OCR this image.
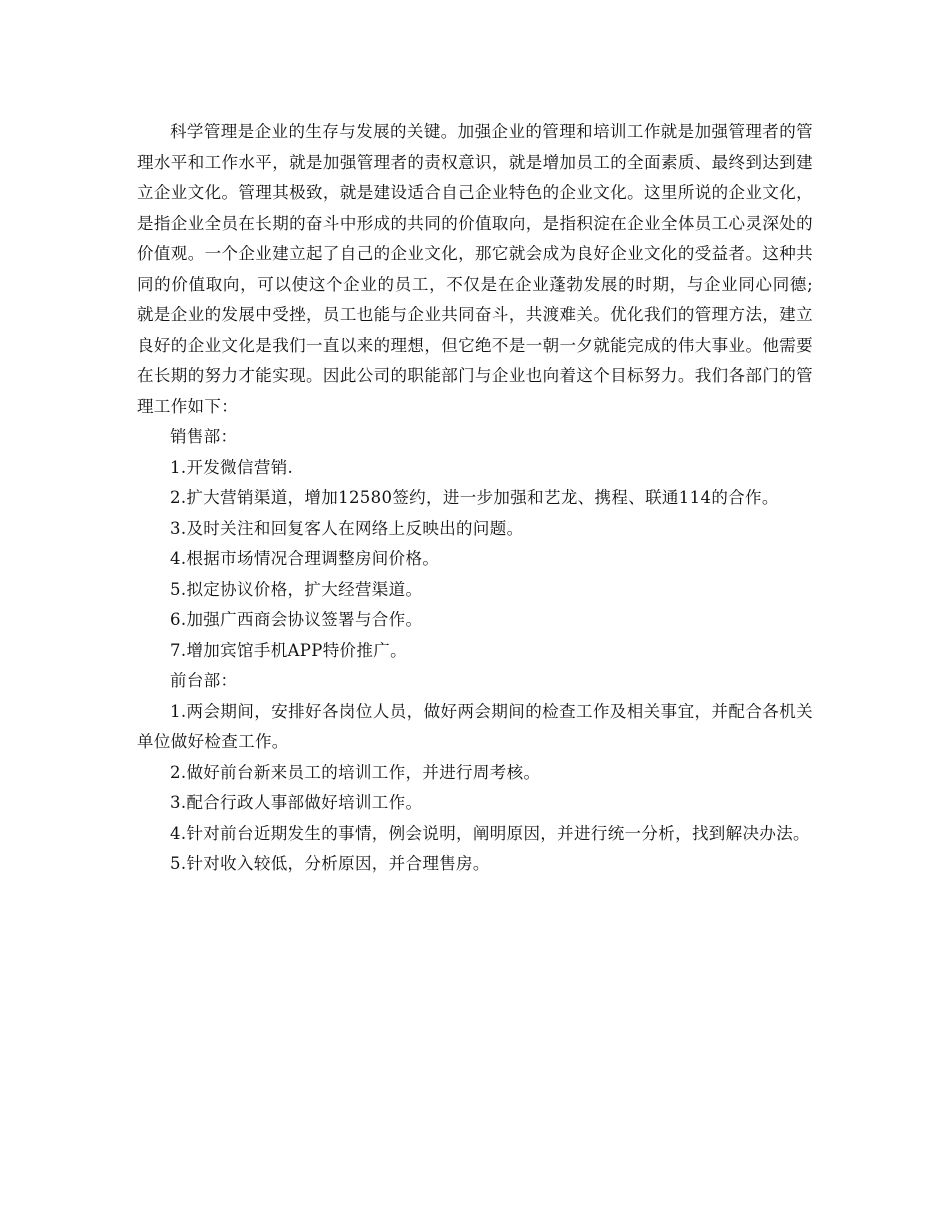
科学管理是企业的生存与发展的关键。加强企业的管理和培训工作就是加强管理者的管理水平和工作水平，就是加强管理者的责权意识，就是增加员工的全面素质、最终到达到建立企业文化。管理其极致，就是建设适合自己企业特色的企业文化。这里所说的企业文化，是指企业全员在长期的奋斗中形成的共同的价值取向，是指积淀在企业全体员工心灵深处的价值观。一个企业建立起了自己的企业文化，那它就会成为良好企业文化的受益者。这种共同的价值取向，可以使这个企业的员工，不仅是在企业蓬勃发展的时期，与企业同心同德;就是企业的发展中受挫，员工也能与企业共同奋斗，共渡难关。优化我们的管理方法，建立良好的企业文化是我们一直以来的理想，但它绝不是一朝一夕就能完成的伟大事业。他需要在长期的努力才能实现。因此公司的职能部门与企业也向着这个目标努力。我们各部门的管理工作如下：

销售部：

1.开发微信营销.

2.扩大营销渠道，增加12580签约，进一步加强和艺龙、携程、联通114的合作。

3.及时关注和回复客人在网络上反映出的问题。

4.根据市场情况合理调整房间价格。

5.拟定协议价格，扩大经营渠道。

6.加强广西商会协议签署与合作。

7.增加宾馆手机APP特价推广。

前台部：

1.两会期间，安排好各岗位人员，做好两会期间的检查工作及相关事宜，并配合各机关单位做好检查工作。

2.做好前台新来员工的培训工作，并进行周考核。

3.配合行政人事部做好培训工作。

4.针对前台近期发生的事情，例会说明，阐明原因，并进行统一分析，找到解决办法。

5.针对收入较低，分析原因，并合理售房。
